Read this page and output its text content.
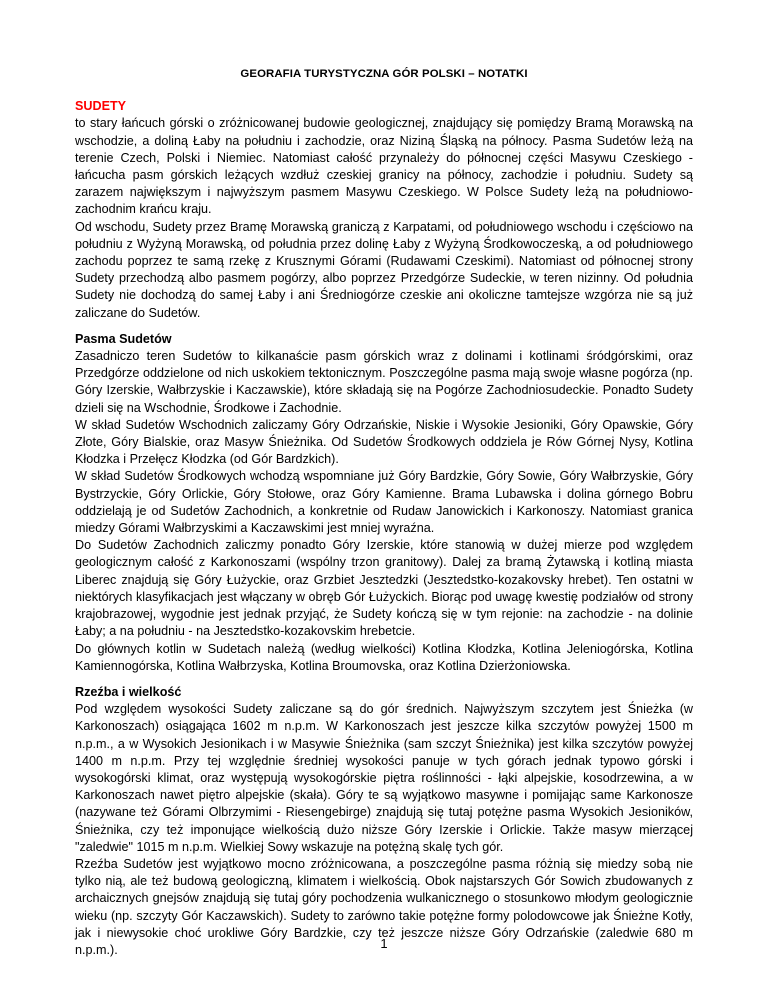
GEORAFIA TURYSTYCZNA GÓR POLSKI – NOTATKI
SUDETY

to stary łańcuch górski o zróżnicowanej budowie geologicznej, znajdujący się pomiędzy Bramą Morawską na wschodzie, a doliną Łaby na południu i zachodzie, oraz Niziną Śląską na północy. Pasma Sudetów leżą na terenie Czech, Polski i Niemiec. Natomiast całość przynależy do północnej części Masywu Czeskiego - łańcucha pasm górskich leżących wzdłuż czeskiej granicy na północy, zachodzie i południu. Sudety są zarazem największym i najwyższym pasmem Masywu Czeskiego. W Polsce Sudety leżą na południowo-zachodnim krańcu kraju.

Od wschodu, Sudety przez Bramę Morawską graniczą z Karpatami, od południowego wschodu i częściowo na południu z Wyżyną Morawską, od południa przez dolinę Łaby z Wyżyną Środkowoczeską, a od południowego zachodu poprzez te samą rzekę z Krusznymi Górami (Rudawami Czeskimi). Natomiast od północnej strony Sudety przechodzą albo pasmem pogórzy, albo poprzez Przedgórze Sudeckie, w teren nizinny. Od południa Sudety nie dochodzą do samej Łaby i ani Średniogórze czeskie ani okoliczne tamtejsze wzgórza nie są już zaliczane do Sudetów.

Pasma Sudetów

Zasadniczo teren Sudetów to kilkanaście pasm górskich wraz z dolinami i kotlinami śródgórskimi, oraz Przedgórze oddzielone od nich uskokiem tektonicznym. Poszczególne pasma mają swoje własne pogórza (np. Góry Izerskie, Wałbrzyskie i Kaczawskie), które składają się na Pogórze Zachodniosudeckie. Ponadto Sudety dzieli się na Wschodnie, Środkowe i Zachodnie.

W skład Sudetów Wschodnich zaliczamy Góry Odrzańskie, Niskie i Wysokie Jesioniki, Góry Opawskie, Góry Złote, Góry Bialskie, oraz Masyw Śnieżnika. Od Sudetów Środkowych oddziela je Rów Górnej Nysy, Kotlina Kłodzka i Przełęcz Kłodzka (od Gór Bardzkich).

W skład Sudetów Środkowych wchodzą wspomniane już Góry Bardzkie, Góry Sowie, Góry Wałbrzyskie, Góry Bystrzyckie, Góry Orlickie, Góry Stołowe, oraz Góry Kamienne. Brama Lubawska i dolina górnego Bobru oddzielają je od Sudetów Zachodnich, a konkretnie od Rudaw Janowickich i Karkonoszy. Natomiast granica miedzy Górami Wałbrzyskimi a Kaczawskimi jest mniej wyraźna.

Do Sudetów Zachodnich zaliczmy ponadto Góry Izerskie, które stanowią w dużej mierze pod względem geologicznym całość z Karkonoszami (wspólny trzon granitowy). Dalej za bramą Żytawską i kotliną miasta Liberec znajdują się Góry Łużyckie, oraz Grzbiet Jesztedzki (Jesztedstko-kozakovsky hrebet). Ten ostatni w niektórych klasyfikacjach jest włączany w obręb Gór Łużyckich. Biorąc pod uwagę kwestię podziałów od strony krajobrazowej, wygodnie jest jednak przyjąć, że Sudety kończą się w tym rejonie: na zachodzie - na dolinie Łaby; a na południu - na Jesztedstko-kozakovskim hrebetcie.

Do głównych kotlin w Sudetach należą (według wielkości) Kotlina Kłodzka, Kotlina Jeleniogórska, Kotlina Kamiennogórska, Kotlina Wałbrzyska, Kotlina Broumovska, oraz Kotlina Dzierżoniowska.

Rzeźba i wielkość

Pod względem wysokości Sudety zaliczane są do gór średnich. Najwyższym szczytem jest Śnieżka (w Karkonoszach) osiągająca 1602 m n.p.m. W Karkonoszach jest jeszcze kilka szczytów powyżej 1500 m n.p.m., a w Wysokich Jesionikach i w Masywie Śnieżnika (sam szczyt Śnieżnika) jest kilka szczytów powyżej 1400 m n.p.m. Przy tej względnie średniej wysokości panuje w tych górach jednak typowo górski i wysokogórski klimat, oraz występują wysokogórskie piętra roślinności - łąki alpejskie, kosodrzewina, a w Karkonoszach nawet piętro alpejskie (skała). Góry te są wyjątkowo masywne i pomijając same Karkonosze (nazywane też Górami Olbrzymimi - Riesengebirge) znajdują się tutaj potężne pasma Wysokich Jesioników, Śnieżnika, czy też imponujące wielkością dużo niższe Góry Izerskie i Orlickie. Także masyw mierzącej "zaledwie" 1015 m n.p.m. Wielkiej Sowy wskazuje na potężną skalę tych gór.

Rzeźba Sudetów jest wyjątkowo mocno zróżnicowana, a poszczególne pasma różnią się miedzy sobą nie tylko nią, ale też budową geologiczną, klimatem i wielkością. Obok najstarszych Gór Sowich zbudowanych z archaicznych gnejsów znajdują się tutaj góry pochodzenia wulkanicznego o stosunkowo młodym geologicznie wieku (np. szczyty Gór Kaczawskich). Sudety to zarówno takie potężne formy polodowcowe jak Śnieżne Kotły, jak i niewysokie choć urokliwe Góry Bardzkie, czy też jeszcze niższe Góry Odrzańskie (zaledwie 680 m n.p.m.).	1
